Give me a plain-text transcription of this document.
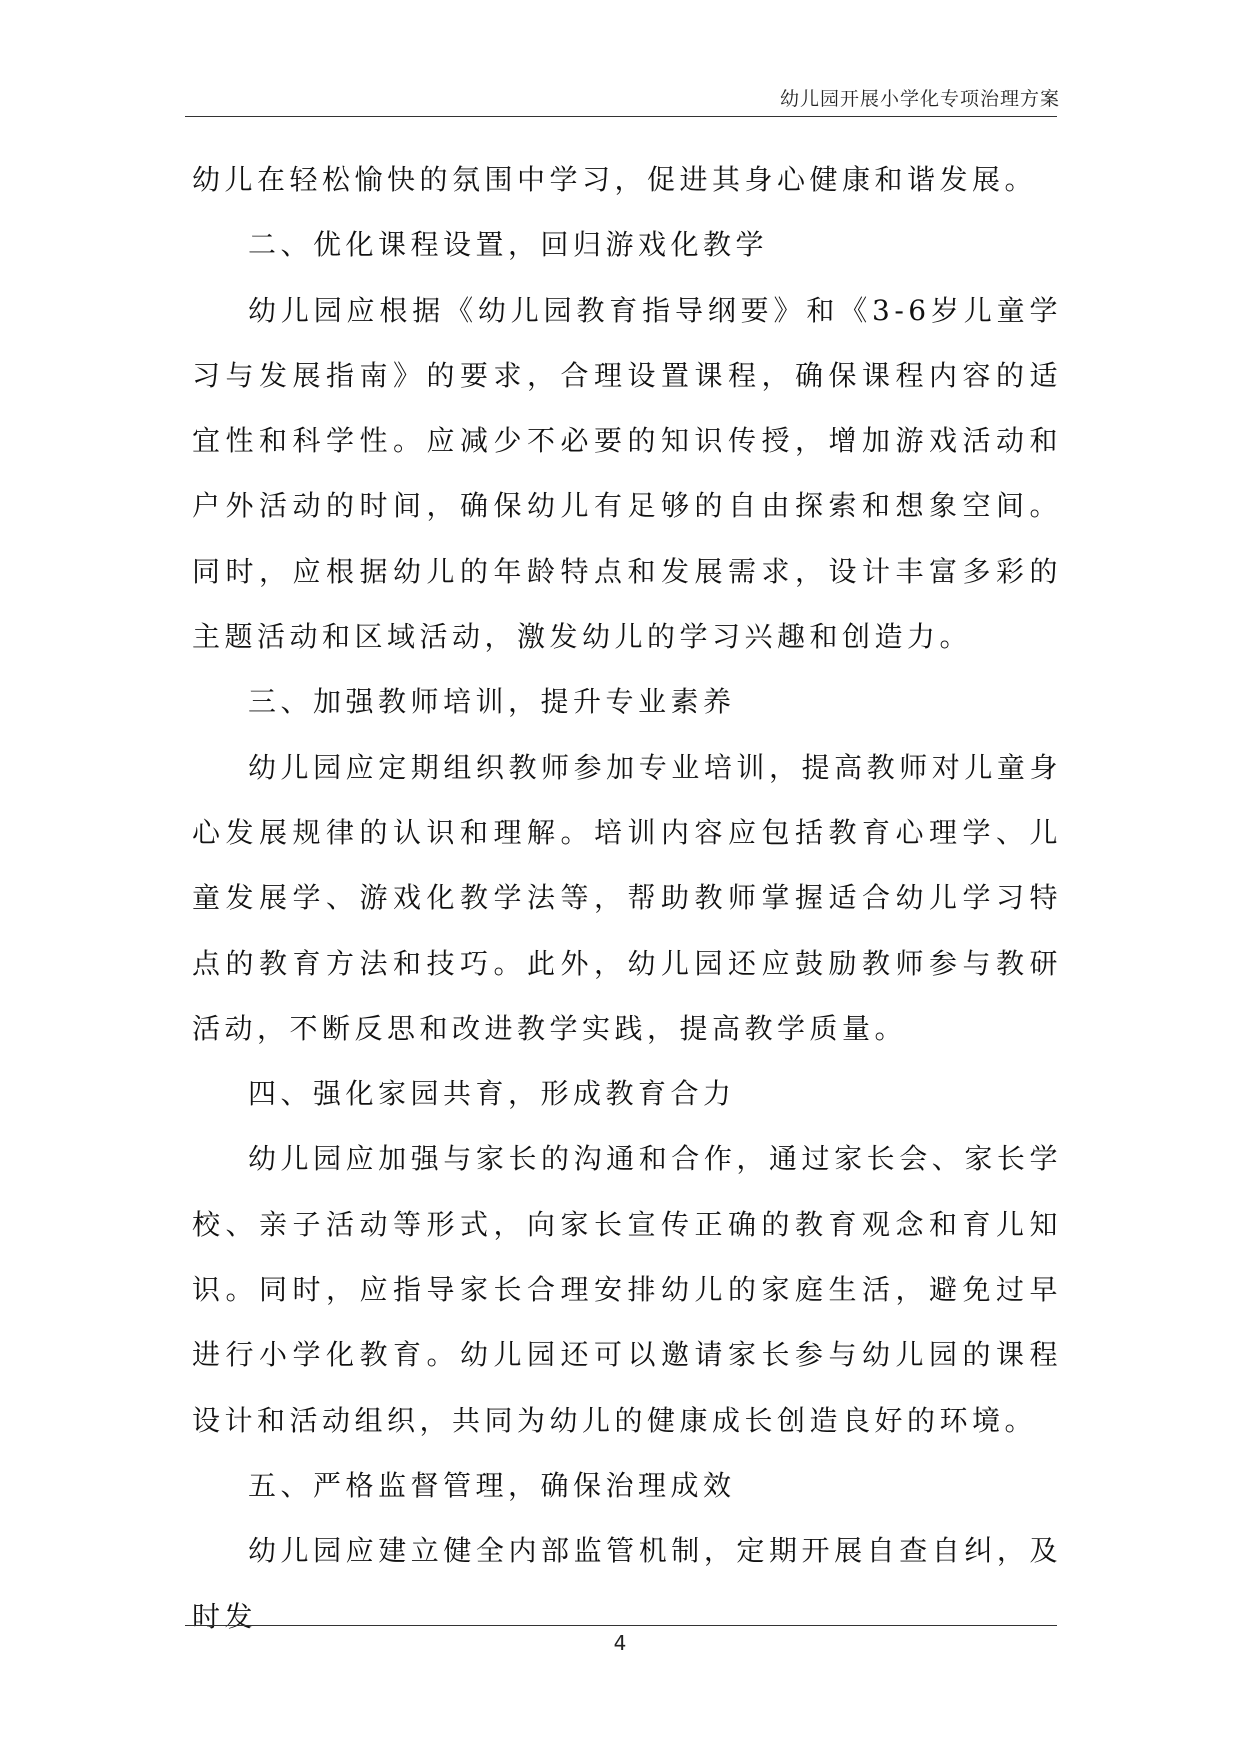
幼儿园开展小学化专项治理方案

幼儿在轻松愉快的氛围中学习，促进其身心健康和谐发展。

二、优化课程设置，回归游戏化教学

幼儿园应根据《幼儿园教育指导纲要》和《3-6岁儿童学习与发展指南》的要求，合理设置课程，确保课程内容的适宜性和科学性。应减少不必要的知识传授，增加游戏活动和户外活动的时间，确保幼儿有足够的自由探索和想象空间。同时，应根据幼儿的年龄特点和发展需求，设计丰富多彩的主题活动和区域活动，激发幼儿的学习兴趣和创造力。

三、加强教师培训，提升专业素养

幼儿园应定期组织教师参加专业培训，提高教师对儿童身心发展规律的认识和理解。培训内容应包括教育心理学、儿童发展学、游戏化教学法等，帮助教师掌握适合幼儿学习特点的教育方法和技巧。此外，幼儿园还应鼓励教师参与教研活动，不断反思和改进教学实践，提高教学质量。

四、强化家园共育，形成教育合力

幼儿园应加强与家长的沟通和合作，通过家长会、家长学校、亲子活动等形式，向家长宣传正确的教育观念和育儿知识。同时，应指导家长合理安排幼儿的家庭生活，避免过早进行小学化教育。幼儿园还可以邀请家长参与幼儿园的课程设计和活动组织，共同为幼儿的健康成长创造良好的环境。

五、严格监督管理，确保治理成效

幼儿园应建立健全内部监管机制，定期开展自查自纠，及时发

4
